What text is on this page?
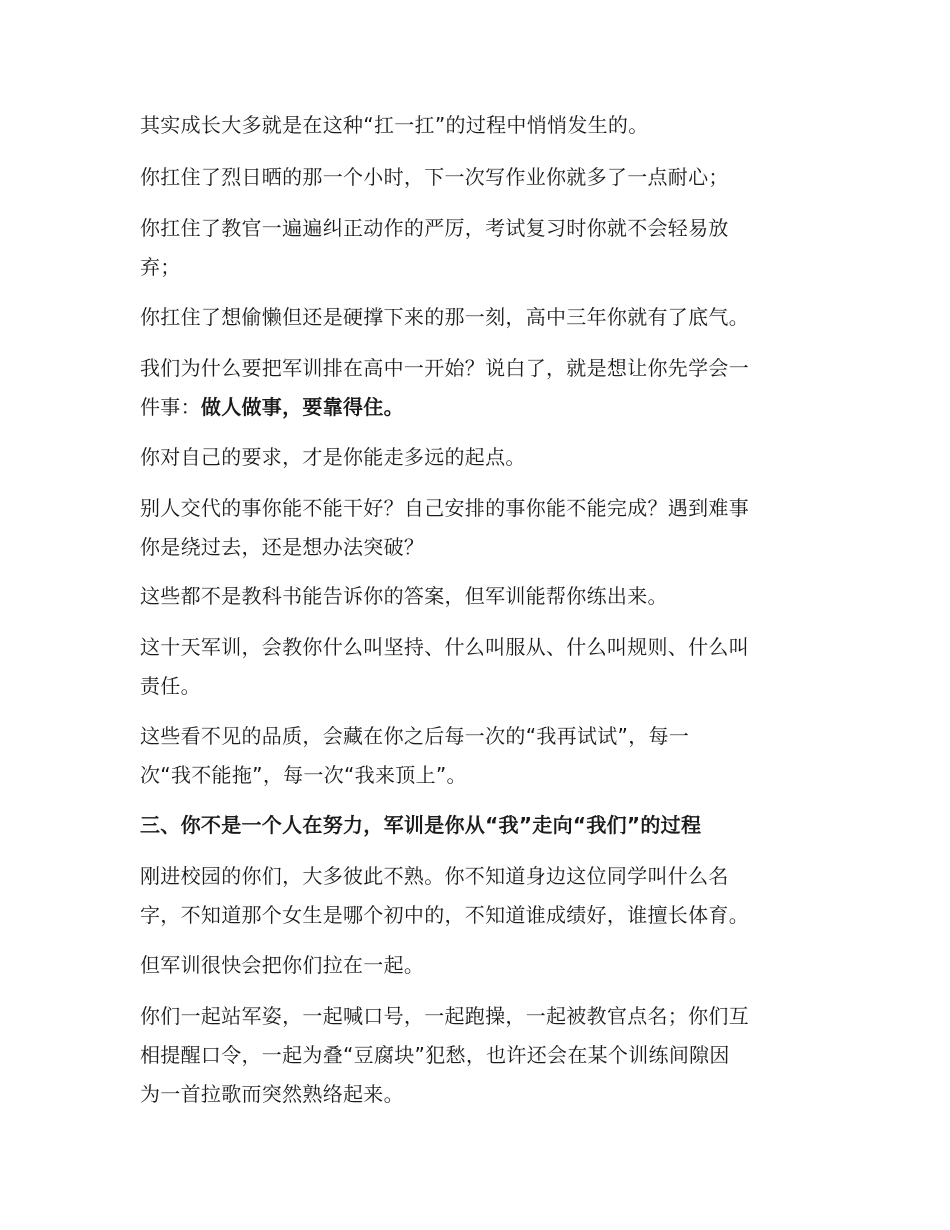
其实成长大多就是在这种“扛一扛”的过程中悄悄发生的。
你扛住了烈日晒的那一个小时，下一次写作业你就多了一点耐心；
你扛住了教官一遍遍纠正动作的严厉，考试复习时你就不会轻易放
弃；
你扛住了想偷懒但还是硬撑下来的那一刻，高中三年你就有了底气。
我们为什么要把军训排在高中一开始？说白了，就是想让你先学会一
件事：做人做事，要靠得住。
你对自己的要求，才是你能走多远的起点。
别人交代的事你能不能干好？自己安排的事你能不能完成？遇到难事
你是绕过去，还是想办法突破？
这些都不是教科书能告诉你的答案，但军训能帮你练出来。
这十天军训，会教你什么叫坚持、什么叫服从、什么叫规则、什么叫
责任。
这些看不见的品质，会藏在你之后每一次的“我再试试”，每一
次“我不能拖”，每一次“我来顶上”。
三、你不是一个人在努力，军训是你从“我”走向“我们”的过程
刚进校园的你们，大多彼此不熟。你不知道身边这位同学叫什么名
字，不知道那个女生是哪个初中的，不知道谁成绩好，谁擅长体育。
但军训很快会把你们拉在一起。
你们一起站军姿，一起喊口号，一起跑操，一起被教官点名；你们互
相提醒口令，一起为叠“豆腐块”犯愁，也许还会在某个训练间隙因
为一首拉歌而突然熟络起来。
